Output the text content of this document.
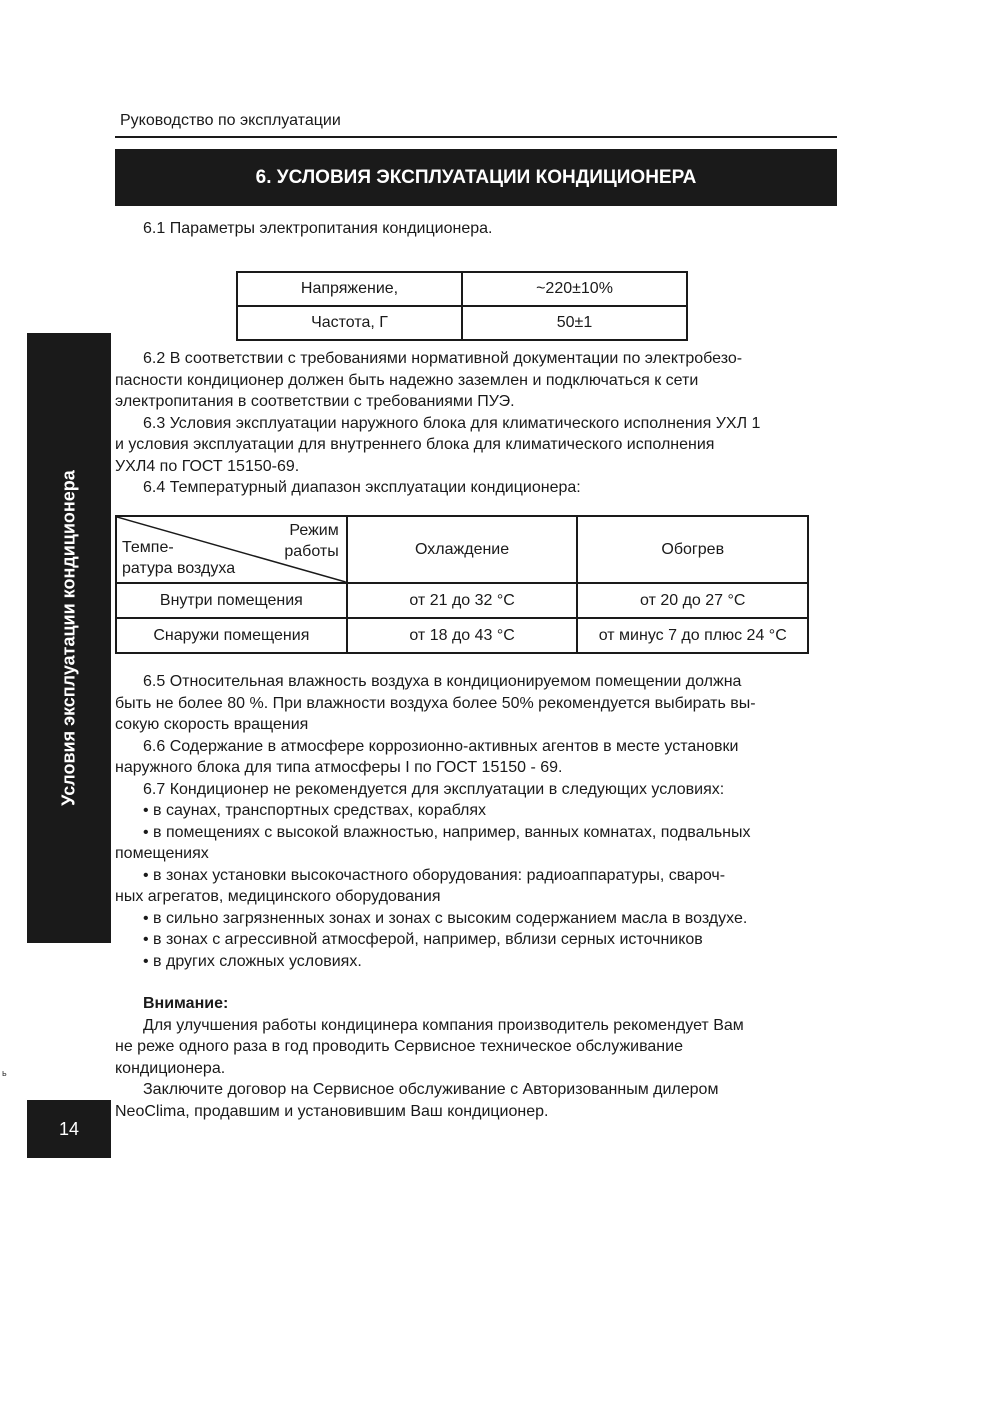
Руководство по эксплуатации
6. УСЛОВИЯ ЭКСПЛУАТАЦИИ КОНДИЦИОНЕРА
Условия эксплуатации кондиционера
14
ь

6.1 Параметры электропитания кондиционера.

Напряжение,	~220±10%
Частота, Г	50±1

6.2 В соответствии с требованиями нормативной документации по электробезо-

пасности кондиционер должен быть надежно заземлен и подключаться к сети

электропитания в соответствии с требованиями ПУЭ.

6.3 Условия эксплуатации наружного блока для климатического исполнения УХЛ 1

и условия эксплуатации для внутреннего блока для климатического исполнения

УХЛ4 по ГОСТ 15150-69.

6.4 Температурный диапазон эксплуатации кондиционера:

Режим
работы
Темпе-
ратура воздуха	Охлаждение	Обогрев
Внутри помещения	от 21 до 32 °С	от 20 до 27 °С
Снаружи помещения	от 18 до 43 °С	от минус 7 до плюс 24 °С

6.5 Относительная влажность воздуха в кондиционируемом помещении должна

быть не более 80 %. При влажности воздуха более 50% рекомендуется выбирать вы-

сокую скорость вращения

6.6 Содержание в атмосфере коррозионно-активных агентов в месте установки

наружного блока для типа атмосферы I по ГОСТ 15150 - 69.

6.7 Кондиционер не рекомендуется для эксплуатации в следующих условиях:

• в саунах, транспортных средствах, кораблях

• в помещениях с высокой влажностью, например, ванных комнатах, подвальных

помещениях

• в зонах установки высокочастного оборудования: радиоаппаратуры, свароч-

ных агрегатов, медицинского оборудования

• в сильно загрязненных зонах и зонах с высоким содержанием масла в воздухе.

• в зонах с агрессивной атмосферой, например, вблизи серных источников

• в других сложных условиях.

Внимание:

Для улучшения работы кондицинера компания производитель рекомендует Вам

не реже одного раза в год проводить Сервисное техническое обслуживание

кондиционера.

Заключите договор на Сервисное обслуживание с Авторизованным дилером

NeoClima, продавшим и установившим Ваш кондиционер.
